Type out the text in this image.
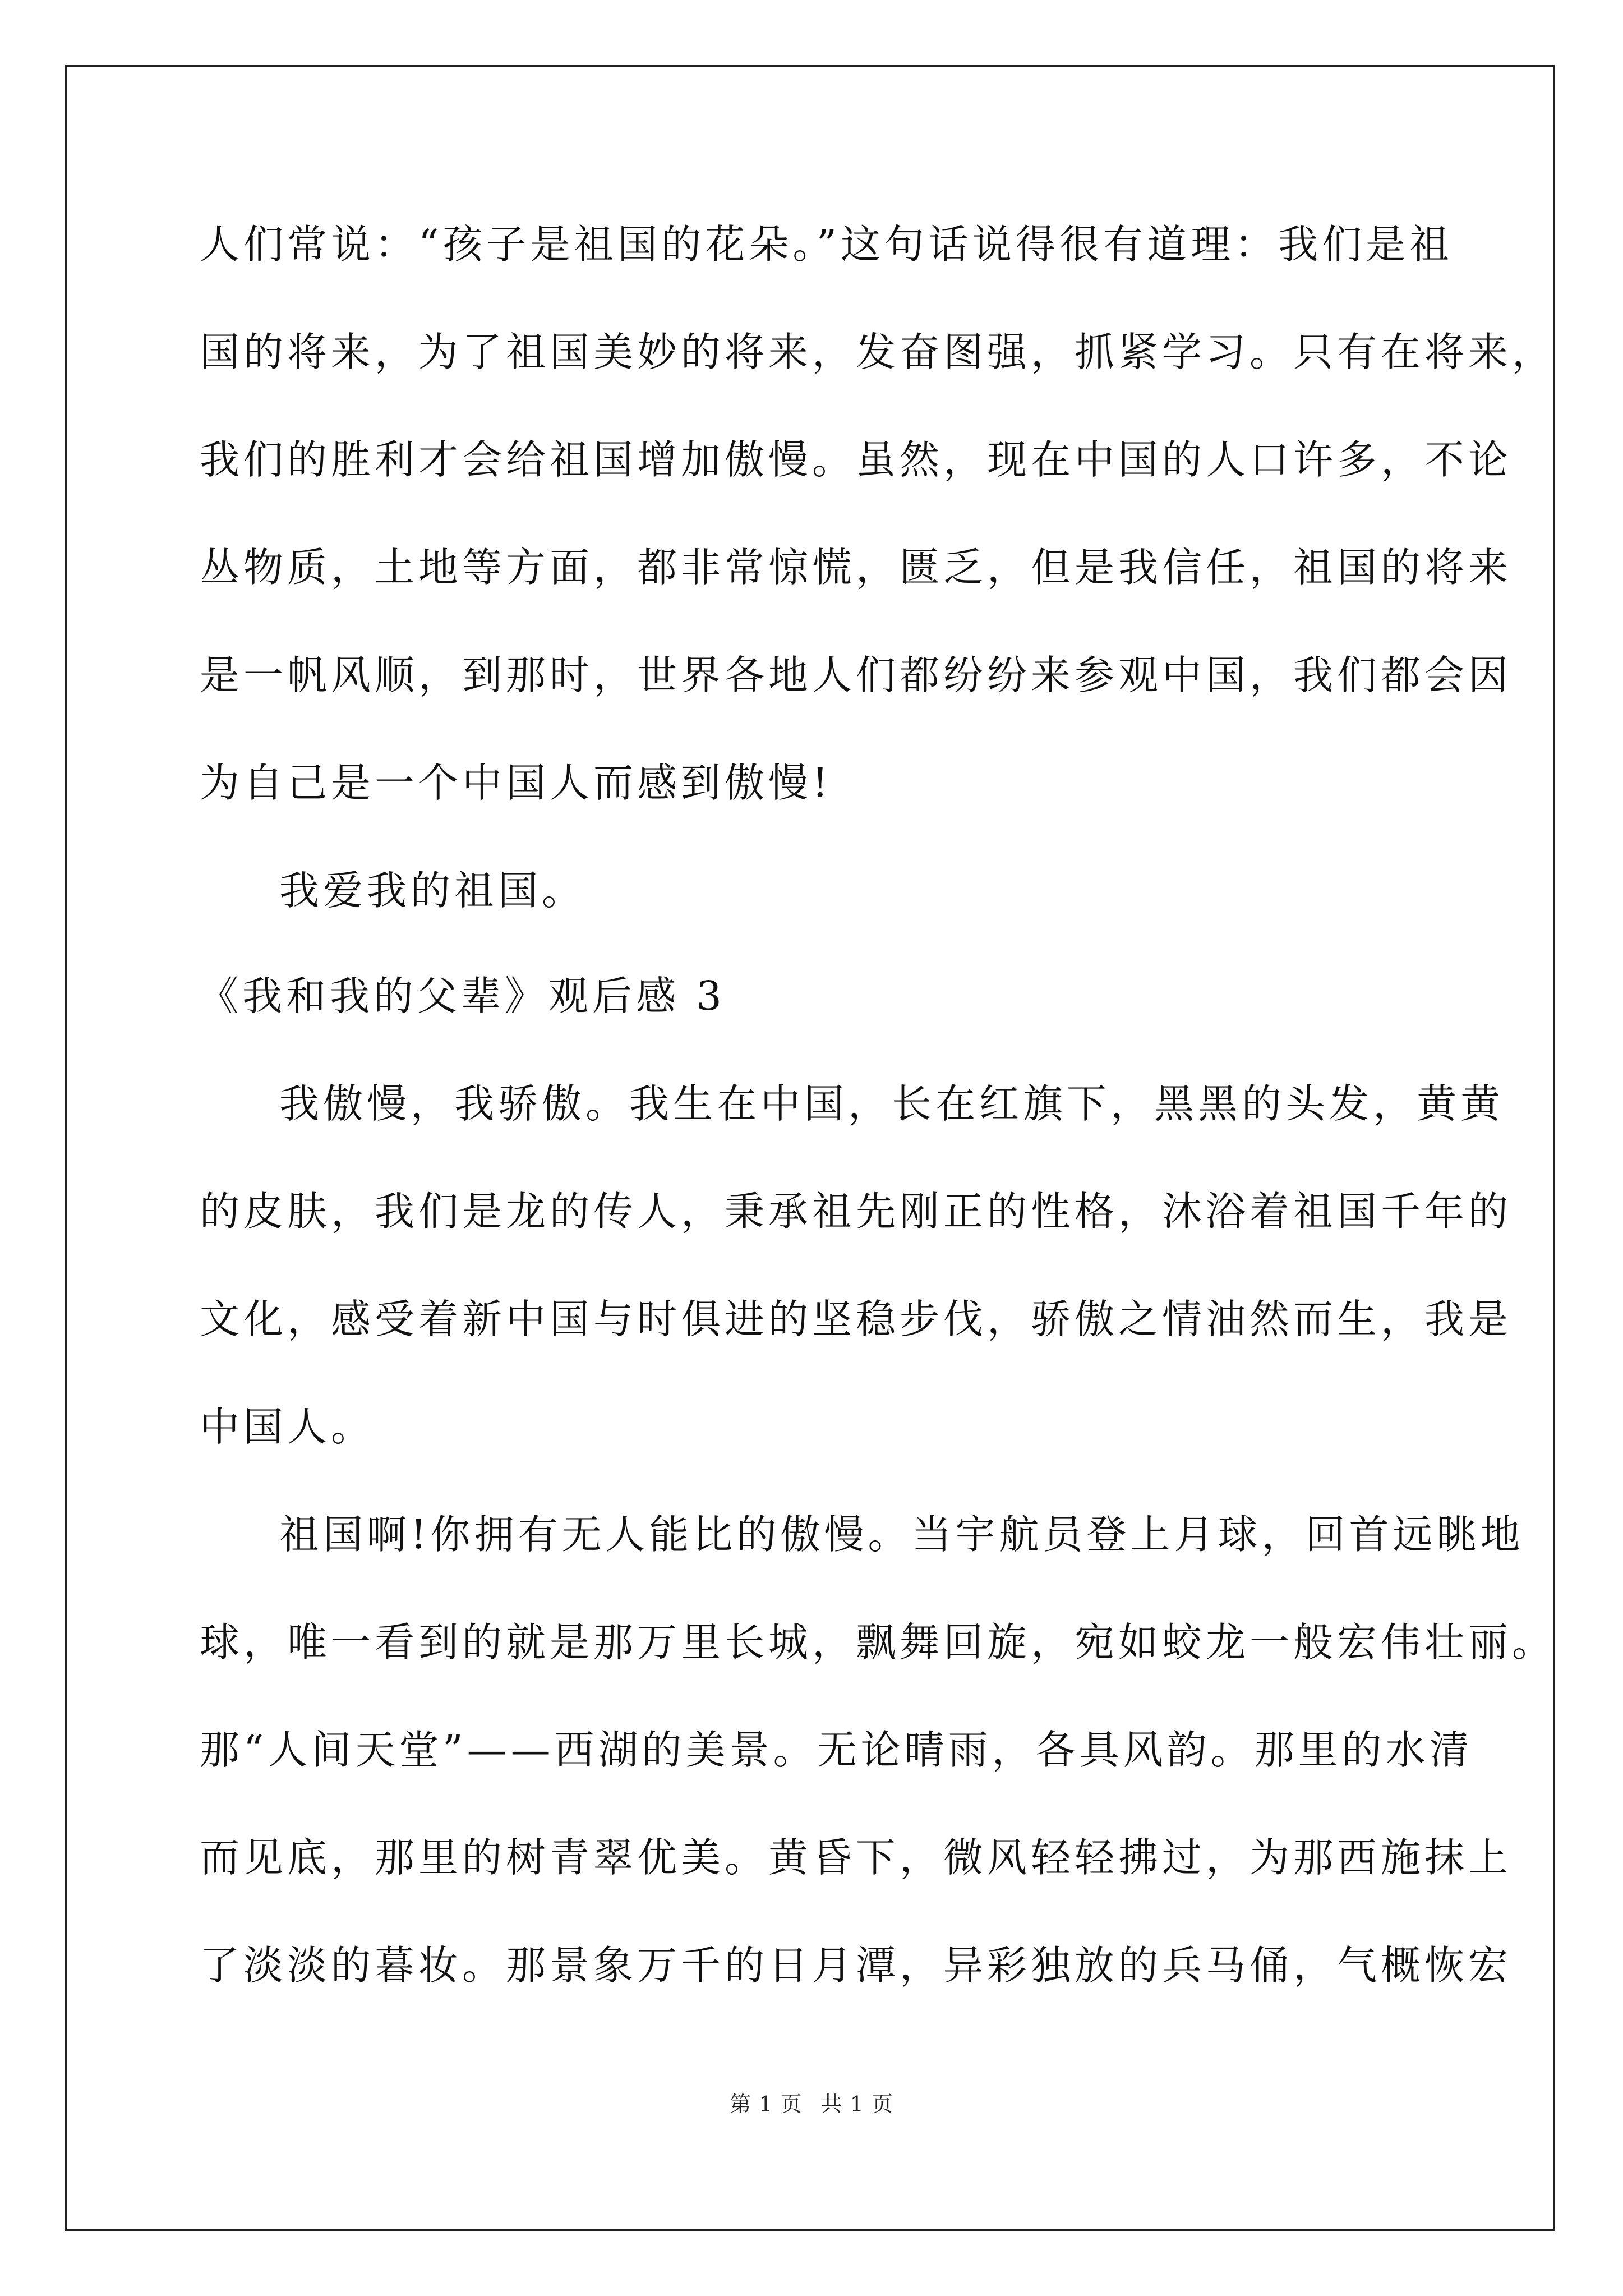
人们常说：“孩子是祖国的花朵。”这句话说得很有道理：我们是祖
国的将来，为了祖国美妙的将来，发奋图强，抓紧学习。只有在将来，
我们的胜利才会给祖国增加傲慢。虽然，现在中国的人口许多，不论
丛物质，土地等方面，都非常惊慌，匮乏，但是我信任，祖国的将来
是一帆风顺，到那时，世界各地人们都纷纷来参观中国，我们都会因
为自己是一个中国人而感到傲慢!
我爱我的祖国。
《我和我的父辈》观后感 3
我傲慢，我骄傲。我生在中国，长在红旗下，黑黑的头发，黄黄
的皮肤，我们是龙的传人，秉承祖先刚正的性格，沐浴着祖国千年的
文化，感受着新中国与时俱进的坚稳步伐，骄傲之情油然而生，我是
中国人。
祖国啊!你拥有无人能比的傲慢。当宇航员登上月球，回首远眺地
球，唯一看到的就是那万里长城，飘舞回旋，宛如蛟龙一般宏伟壮丽。
那“人间天堂”——西湖的美景。无论晴雨，各具风韵。那里的水清
而见底，那里的树青翠优美。黄昏下，微风轻轻拂过，为那西施抹上
了淡淡的暮妆。那景象万千的日月潭，异彩独放的兵马俑，气概恢宏
第 1 页 共 1 页
